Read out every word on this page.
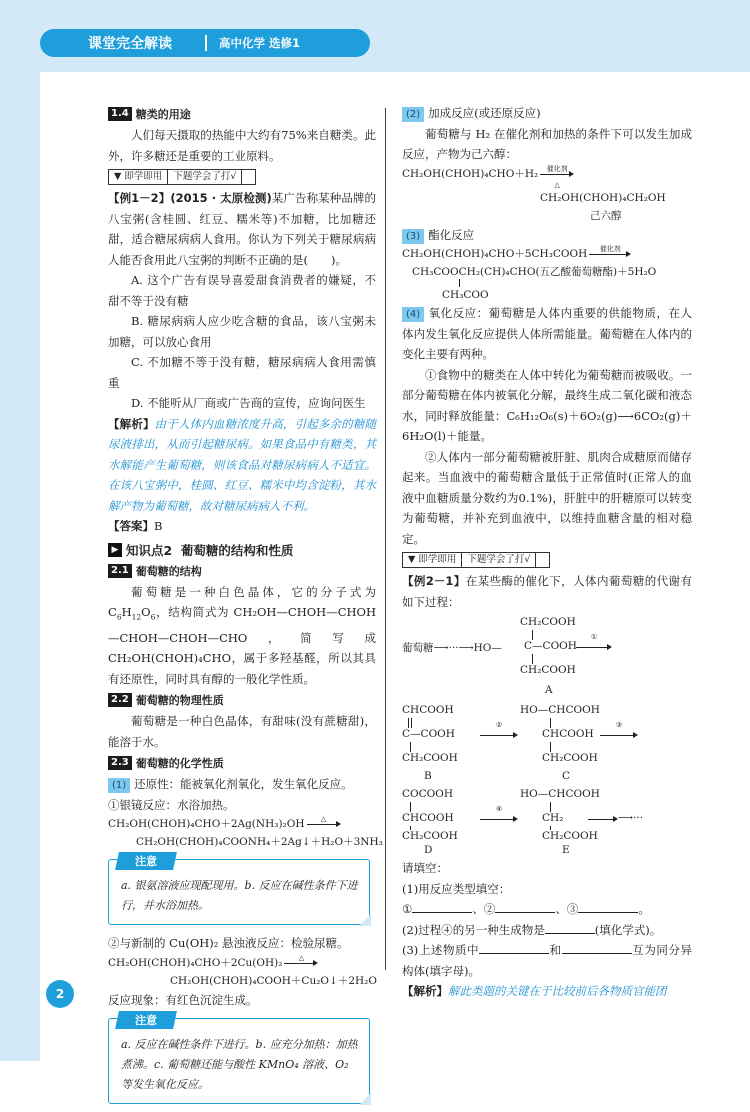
课堂完全解读	高中化学 选修1
2
1.4 糖类的用途
人们每天摄取的热能中大约有75%来自糖类。此外，许多糖还是重要的工业原料。
▼ 即学即用	下题学会了打√
【例1－2】(2015 · 太原检测)某广告称某种品牌的八宝粥(含桂圆、红豆、糯米等)不加糖，比加糖还甜，适合糖尿病病人食用。你认为下列关于糖尿病病人能否食用此八宝粥的判断不正确的是(　　)。
A. 这个广告有误导喜爱甜食消费者的嫌疑，不甜不等于没有糖
B. 糖尿病病人应少吃含糖的食品，该八宝粥未加糖，可以放心食用
C. 不加糖不等于没有糖，糖尿病病人食用需慎重
D. 不能听从厂商或广告商的宣传，应询问医生
【解析】由于人体内血糖浓度升高，引起多余的糖随尿液排出，从而引起糖尿病。如果食品中有糖类，其水解能产生葡萄糖，则该食品对糖尿病病人不适宜。在该八宝粥中，桂圆、红豆、糯米中均含淀粉，其水解产物为葡萄糖，故对糖尿病病人不利。
【答案】B
▶ 知识点2
葡萄糖的结构和性质
2.1 葡萄糖的结构
葡萄糖是一种白色晶体，它的分子式为 $C_6H_{12}O_6$，结构简式为 CH₂OH—CHOH—CHOH—CHOH—CHOH—CHO，简写成 CH₂OH(CHOH)₄CHO，属于多羟基醛，所以其具有还原性，同时具有醇的一般化学性质。
2.2 葡萄糖的物理性质
葡萄糖是一种白色晶体，有甜味(没有蔗糖甜)，能溶于水。
2.3 葡萄糖的化学性质
(1) 还原性：能被氧化剂氧化，发生氧化反应。
①银镜反应：水浴加热。
CH₂OH(CHOH)₄CHO＋2Ag(NH₃)₂OH	△
CH₂OH(CHOH)₄COONH₄＋2Ag↓＋H₂O＋3NH₃
注意
a. 银氨溶液应现配现用。b. 反应在碱性条件下进行，并水浴加热。
②与新制的 Cu(OH)₂ 悬浊液反应：检验尿糖。
CH₂OH(CHOH)₄CHO＋2Cu(OH)₂	△
CH₂OH(CHOH)₄COOH＋Cu₂O↓＋2H₂O
反应现象：有红色沉淀生成。
注意
a. 反应在碱性条件下进行。b. 应充分加热：加热煮沸。c. 葡萄糖还能与酸性 KMnO₄ 溶液、O₂ 等发生氧化反应。
(2) 加成反应(或还原反应)
葡萄糖与 H₂ 在催化剂和加热的条件下可以发生加成反应，产物为己六醇：
CH₂OH(CHOH)₄CHO＋H₂	催化剂
△
CH₂OH(CHOH)₄CH₂OH
己六醇
(3) 酯化反应
CH₂OH(CHOH)₄CHO＋5CH₃COOH	催化剂
CH₃COOCH₂(CH)₄CHO(五乙酸葡萄糖酯)＋5H₂O
CH₃COO
(4) 氧化反应：葡萄糖是人体内重要的供能物质，在人体内发生氧化反应提供人体所需能量。葡萄糖在人体内的变化主要有两种。
①食物中的糖类在人体中转化为葡萄糖而被吸收。一部分葡萄糖在体内被氧化分解，最终生成二氧化碳和液态水，同时释放能量：C₆H₁₂O₆(s)＋6O₂(g)⟶6CO₂(g)＋6H₂O(l)＋能量。
②人体内一部分葡萄糖被肝脏、肌肉合成糖原而储存起来。当血液中的葡萄糖含量低于正常值时(正常人的血液中血糖质量分数约为0.1%)，肝脏中的肝糖原可以转变为葡萄糖，并补充到血液中，以维持血糖含量的相对稳定。
▼ 即学即用	下题学会了打√
【例2－1】在某些酶的催化下，人体内葡萄糖的代谢有如下过程：
CH₂COOH
葡萄糖⟶···⟶HO— C—COOH
①
CH₂COOH
A
CHCOOH
C—COOH
CH₂COOH
B
②
HO—CHCOOH
CHCOOH
CH₂COOH
C
③
COCOOH
CHCOOH
CH₂COOH
④
HO—CHCOOH
CH₂	⟶···
CH₂COOH
D	E
请填空：
(1)用反应类型填空：
①	、②	、③	。
(2)过程④的另一种生成物是	(填化学式)。
(3)上述物质中	和	互为同分异构体(填字母)。
【解析】解此类题的关键在于比较前后各物质官能团
